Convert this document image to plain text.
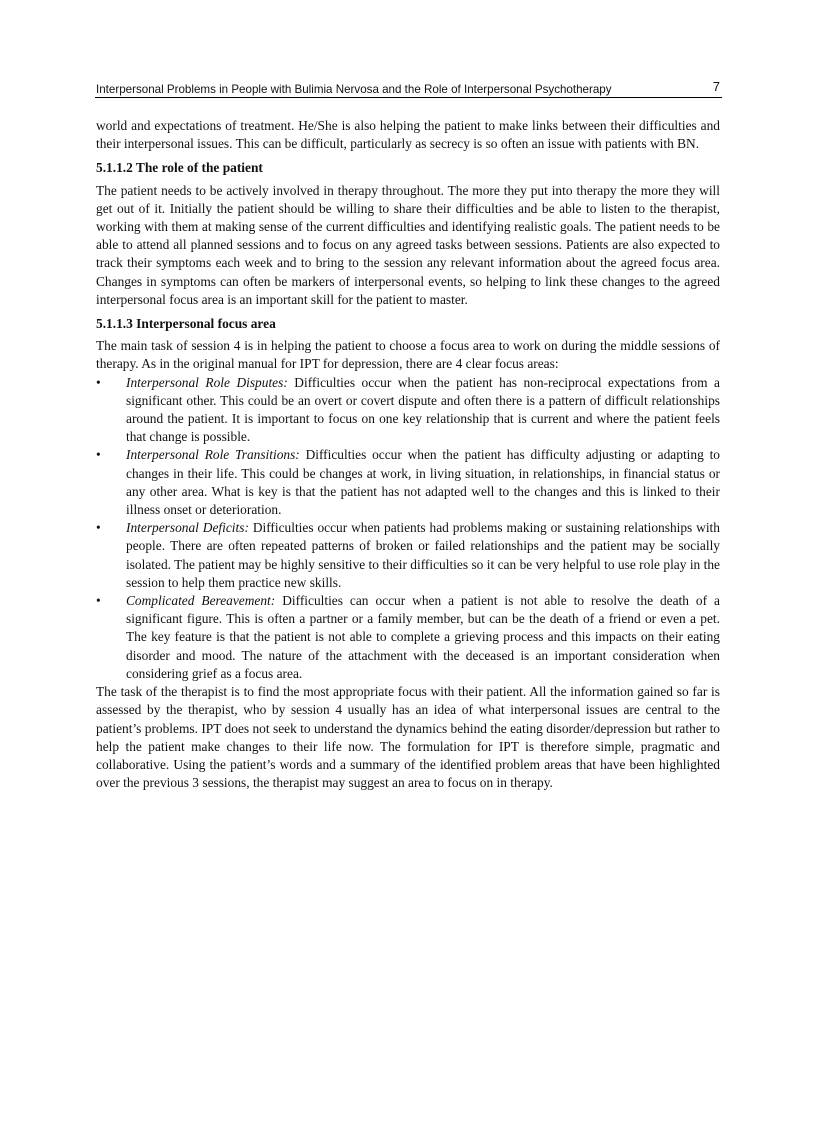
Interpersonal Problems in People with Bulimia Nervosa and the Role of Interpersonal Psychotherapy	7

world and expectations of treatment. He/She is also helping the patient to make links between their difficulties and their interpersonal issues. This can be difficult, particularly as secrecy is so often an issue with patients with BN.

5.1.1.2 The role of the patient

The patient needs to be actively involved in therapy throughout. The more they put into therapy the more they will get out of it. Initially the patient should be willing to share their difficulties and be able to listen to the therapist, working with them at making sense of the current difficulties and identifying realistic goals. The patient needs to be able to attend all planned sessions and to focus on any agreed tasks between sessions. Patients are also expected to track their symptoms each week and to bring to the session any relevant information about the agreed focus area. Changes in symptoms can often be markers of interpersonal events, so helping to link these changes to the agreed interpersonal focus area is an important skill for the patient to master.

5.1.1.3 Interpersonal focus area

The main task of session 4 is in helping the patient to choose a focus area to work on during the middle sessions of therapy. As in the original manual for IPT for depression, there are 4 clear focus areas:

• Interpersonal Role Disputes: Difficulties occur when the patient has non-reciprocal expectations from a significant other. This could be an overt or covert dispute and often there is a pattern of difficult relationships around the patient. It is important to focus on one key relationship that is current and where the patient feels that change is possible.
• Interpersonal Role Transitions: Difficulties occur when the patient has difficulty adjusting or adapting to changes in their life. This could be changes at work, in living situation, in relationships, in financial status or any other area. What is key is that the patient has not adapted well to the changes and this is linked to their illness onset or deterioration.
• Interpersonal Deficits: Difficulties occur when patients had problems making or sustaining relationships with people. There are often repeated patterns of broken or failed relationships and the patient may be socially isolated. The patient may be highly sensitive to their difficulties so it can be very helpful to use role play in the session to help them practice new skills.
• Complicated Bereavement: Difficulties can occur when a patient is not able to resolve the death of a significant figure. This is often a partner or a family member, but can be the death of a friend or even a pet. The key feature is that the patient is not able to complete a grieving process and this impacts on their eating disorder and mood. The nature of the attachment with the deceased is an important consideration when considering grief as a focus area.

The task of the therapist is to find the most appropriate focus with their patient. All the information gained so far is assessed by the therapist, who by session 4 usually has an idea of what interpersonal issues are central to the patient’s problems. IPT does not seek to understand the dynamics behind the eating disorder/depression but rather to help the patient make changes to their life now. The formulation for IPT is therefore simple, pragmatic and collaborative. Using the patient’s words and a summary of the identified problem areas that have been highlighted over the previous 3 sessions, the therapist may suggest an area to focus on in therapy.
